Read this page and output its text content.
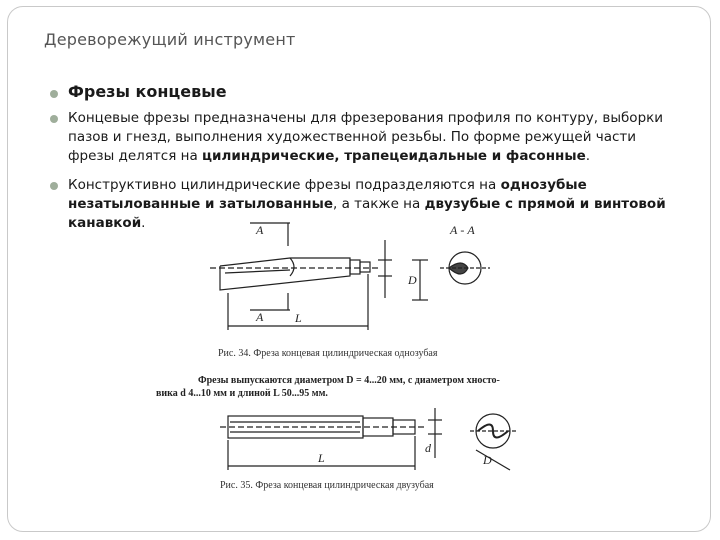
Дереворежущий инструмент
Фрезы концевые
Концевые фрезы предназначены для фрезерования профиля по контуру, выборки пазов и гнезд, выполнения художественной резьбы. По форме режущей части фрезы делятся на цилиндрические, трапецеидальные и фасонные.
Конструктивно цилиндрические фрезы подразделяются на однозубые незатылованные и затылованные, а также на двузубые с прямой и винтовой канавкой.	А
А
А - А
L
D
Рис. 34. Фреза концевая цилиндрическая однозубая
Фрезы выпускаются диаметром D = 4...20 мм, с диаметром хносто-
вика d 4...10 мм и длиной L 50...95 мм.
L
d
D
Рис. 35. Фреза концевая цилиндрическая двузубая
